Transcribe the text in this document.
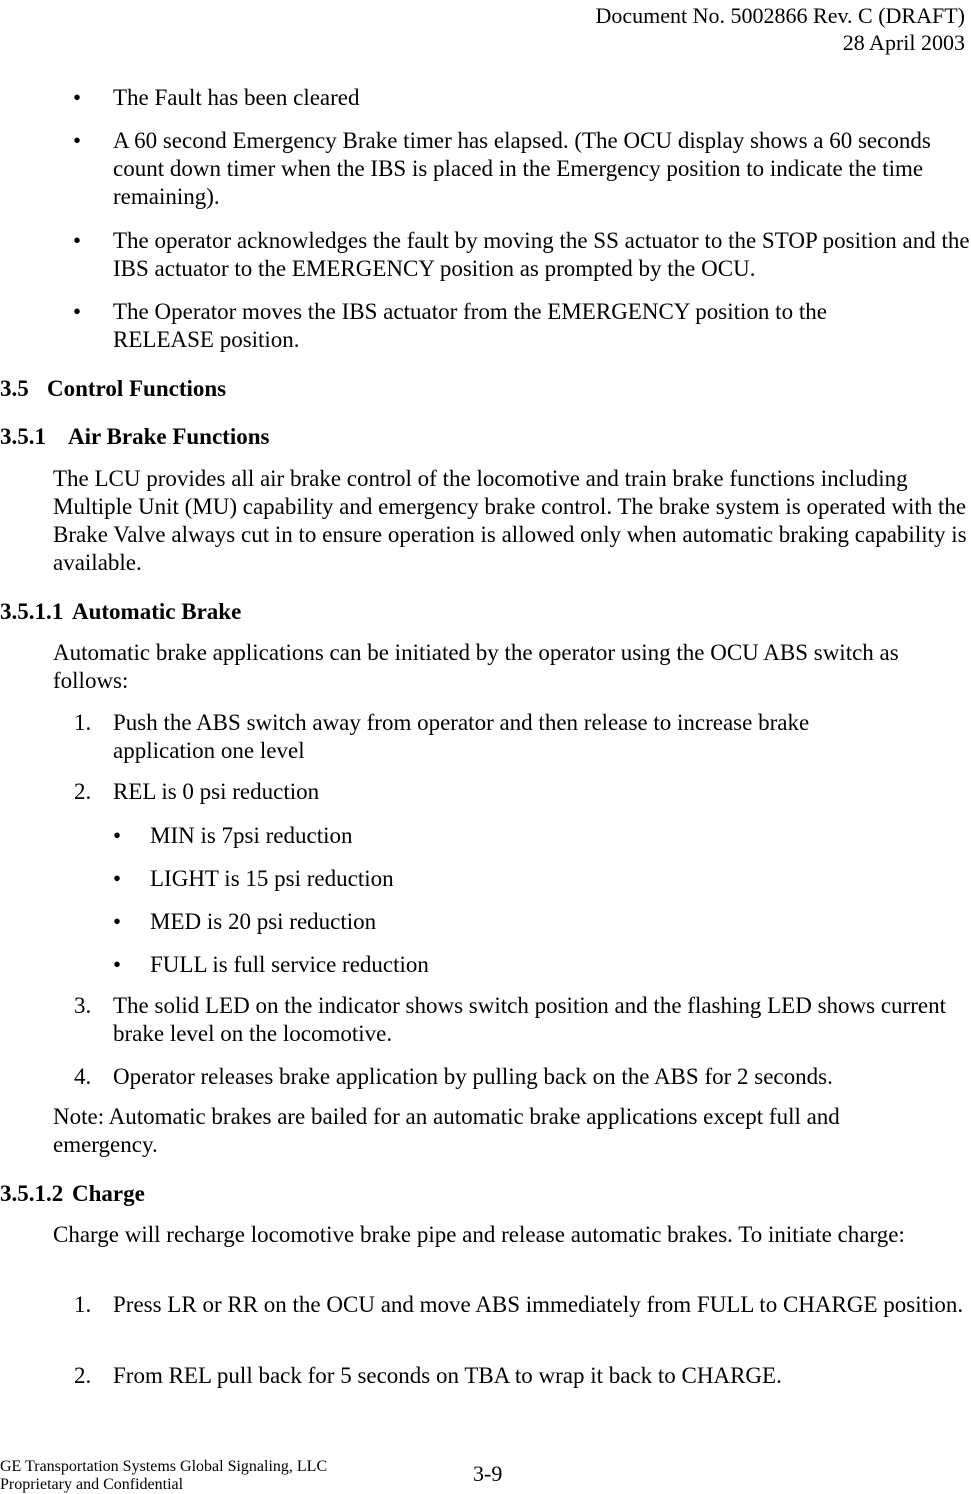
Document No. 5002866 Rev. C (DRAFT)
28 April 2003
•	The Fault has been cleared
•	A 60 second Emergency Brake timer has elapsed. (The OCU display shows a 60 seconds count down timer when the IBS is placed in the Emergency position to indicate the time remaining).
•	The operator acknowledges the fault by moving the SS actuator to the STOP position and the IBS actuator to the EMERGENCY position as prompted by the OCU.
•	The Operator moves the IBS actuator from the EMERGENCY position to the RELEASE position.
3.5 Control Functions
3.5.1 Air Brake Functions
The LCU provides all air brake control of the locomotive and train brake functions including Multiple Unit (MU) capability and emergency brake control. The brake system is operated with the Brake Valve always cut in to ensure operation is allowed only when automatic braking capability is available.
3.5.1.1 Automatic Brake
Automatic brake applications can be initiated by the operator using the OCU ABS switch as follows:
1. Push the ABS switch away from operator and then release to increase brake application one level
2. REL is 0 psi reduction
•	MIN is 7psi reduction
•	LIGHT is 15 psi reduction
•	MED is 20 psi reduction
•	FULL is full service reduction
3. The solid LED on the indicator shows switch position and the flashing LED shows current brake level on the locomotive.
4. Operator releases brake application by pulling back on the ABS for 2 seconds.
Note: Automatic brakes are bailed for an automatic brake applications except full and emergency.
3.5.1.2 Charge
Charge will recharge locomotive brake pipe and release automatic brakes. To initiate charge:
1. Press LR or RR on the OCU and move ABS immediately from FULL to CHARGE position.
2. From REL pull back for 5 seconds on TBA to wrap it back to CHARGE.
GE Transportation Systems Global Signaling, LLC
Proprietary and Confidential	3-9
